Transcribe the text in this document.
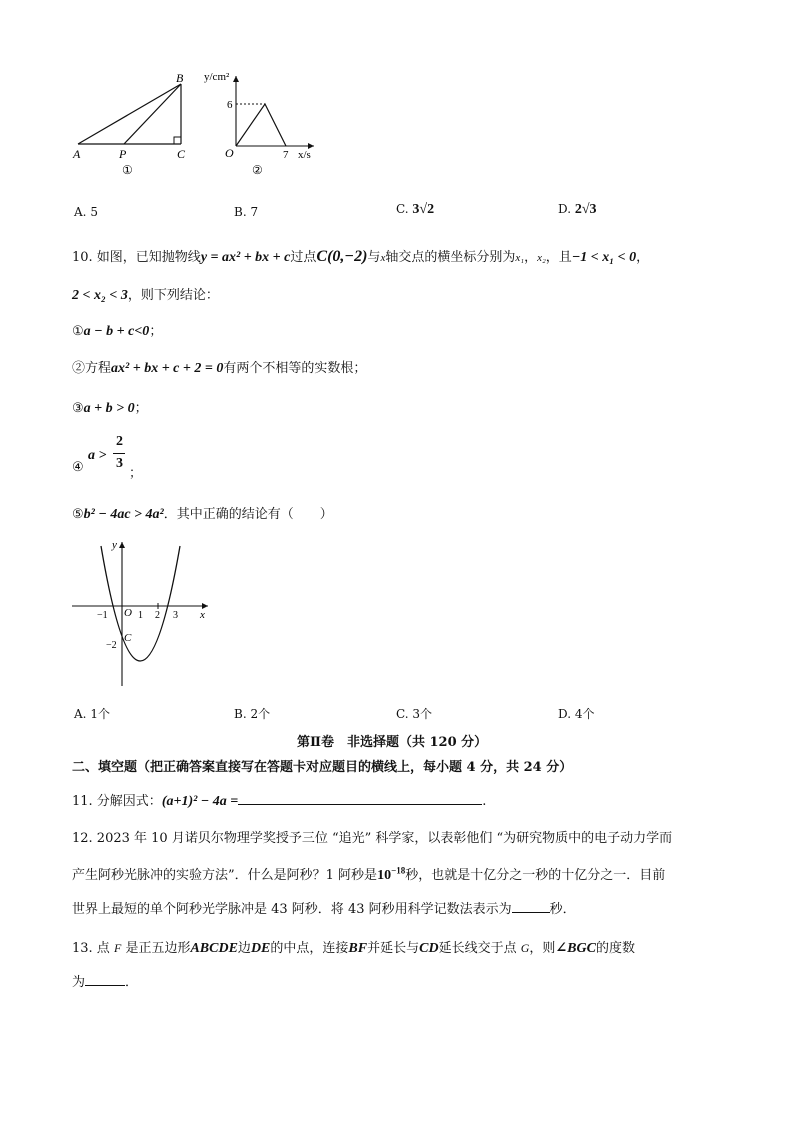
A	P	C
B
①
y/cm²
6
O	7 x/s
②
A. 5	B. 7	C. 3√2	D. 2√3
10. 如图，已知抛物线y = ax² + bx + c过点C(0,−2)与x轴交点的横坐标分别为x₁，x₂，且−1 < x₁ < 0，
2 < x₂ < 3，则下列结论：
①a − b + c<0；
②方程ax² + bx + c + 2 = 0有两个不相等的实数根；
③a + b > 0；
④
a >
2
3
；
⑤b² − 4ac > 4a²．其中正确的结论有（　　）
y
x
O
−1	1 2 3
−2
C
A. 1个	B. 2个	C. 3个	D. 4个
第Ⅱ卷　非选择题（共 120 分）
二、填空题（把正确答案直接写在答题卡对应题目的横线上，每小题 4 分，共 24 分）
11. 分解因式：(a+1)² − 4a =	.
12. 2023 年 10 月诺贝尔物理学奖授予三位 “追光” 科学家，以表彰他们 “为研究物质中的电子动力学而
产生阿秒光脉冲的实验方法”．什么是阿秒？1 阿秒是$10^{-18}$秒，也就是十亿分之一秒的十亿分之一．目前
世界上最短的单个阿秒光学脉冲是 43 阿秒．将 43 阿秒用科学记数法表示为	秒．
13. 点 F 是正五边形ABCDE边DE的中点，连接BF并延长与CD延长线交于点 G，则∠BGC的度数
为	．
